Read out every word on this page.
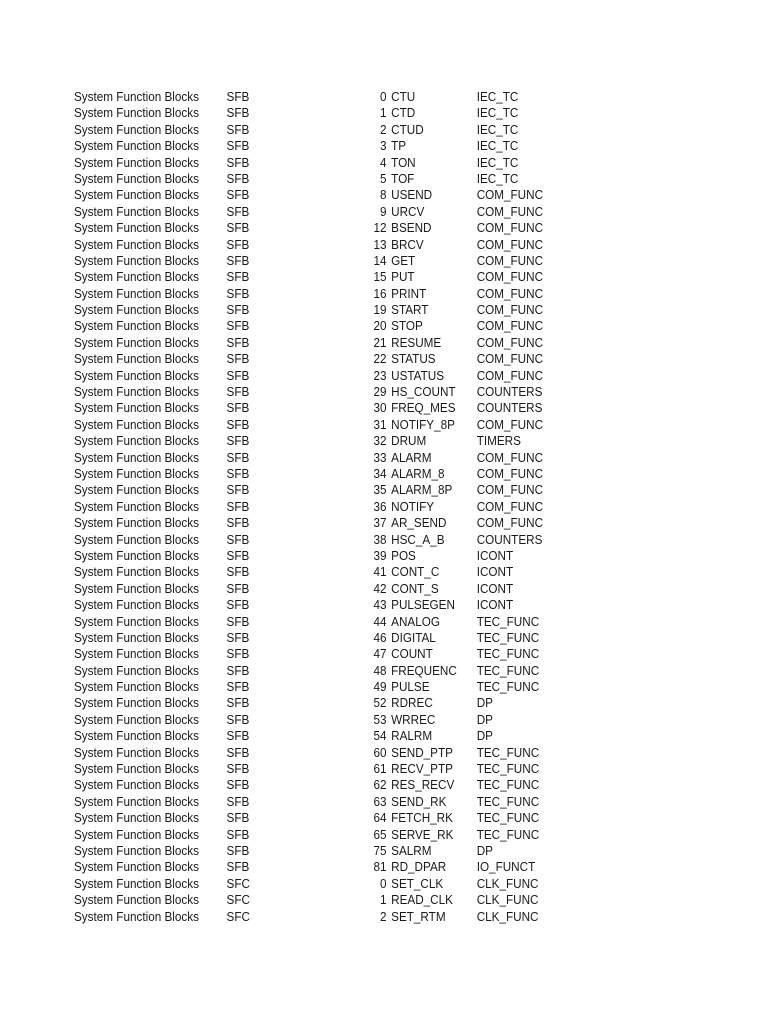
System Function Blocks	SFB	0 CTU	IEC_TC
System Function Blocks	SFB	1 CTD	IEC_TC
System Function Blocks	SFB	2 CTUD	IEC_TC
System Function Blocks	SFB	3 TP	IEC_TC
System Function Blocks	SFB	4 TON	IEC_TC
System Function Blocks	SFB	5 TOF	IEC_TC
System Function Blocks	SFB	8 USEND	COM_FUNC
System Function Blocks	SFB	9 URCV	COM_FUNC
System Function Blocks	SFB	12 BSEND	COM_FUNC
System Function Blocks	SFB	13 BRCV	COM_FUNC
System Function Blocks	SFB	14 GET	COM_FUNC
System Function Blocks	SFB	15 PUT	COM_FUNC
System Function Blocks	SFB	16 PRINT	COM_FUNC
System Function Blocks	SFB	19 START	COM_FUNC
System Function Blocks	SFB	20 STOP	COM_FUNC
System Function Blocks	SFB	21 RESUME	COM_FUNC
System Function Blocks	SFB	22 STATUS	COM_FUNC
System Function Blocks	SFB	23 USTATUS	COM_FUNC
System Function Blocks	SFB	29 HS_COUNT	COUNTERS
System Function Blocks	SFB	30 FREQ_MES	COUNTERS
System Function Blocks	SFB	31 NOTIFY_8P	COM_FUNC
System Function Blocks	SFB	32 DRUM	TIMERS
System Function Blocks	SFB	33 ALARM	COM_FUNC
System Function Blocks	SFB	34 ALARM_8	COM_FUNC
System Function Blocks	SFB	35 ALARM_8P	COM_FUNC
System Function Blocks	SFB	36 NOTIFY	COM_FUNC
System Function Blocks	SFB	37 AR_SEND	COM_FUNC
System Function Blocks	SFB	38 HSC_A_B	COUNTERS
System Function Blocks	SFB	39 POS	ICONT
System Function Blocks	SFB	41 CONT_C	ICONT
System Function Blocks	SFB	42 CONT_S	ICONT
System Function Blocks	SFB	43 PULSEGEN	ICONT
System Function Blocks	SFB	44 ANALOG	TEC_FUNC
System Function Blocks	SFB	46 DIGITAL	TEC_FUNC
System Function Blocks	SFB	47 COUNT	TEC_FUNC
System Function Blocks	SFB	48 FREQUENC	TEC_FUNC
System Function Blocks	SFB	49 PULSE	TEC_FUNC
System Function Blocks	SFB	52 RDREC	DP
System Function Blocks	SFB	53 WRREC	DP
System Function Blocks	SFB	54 RALRM	DP
System Function Blocks	SFB	60 SEND_PTP	TEC_FUNC
System Function Blocks	SFB	61 RECV_PTP	TEC_FUNC
System Function Blocks	SFB	62 RES_RECV	TEC_FUNC
System Function Blocks	SFB	63 SEND_RK	TEC_FUNC
System Function Blocks	SFB	64 FETCH_RK	TEC_FUNC
System Function Blocks	SFB	65 SERVE_RK	TEC_FUNC
System Function Blocks	SFB	75 SALRM	DP
System Function Blocks	SFB	81 RD_DPAR	IO_FUNCT
System Function Blocks	SFC	0 SET_CLK	CLK_FUNC
System Function Blocks	SFC	1 READ_CLK	CLK_FUNC
System Function Blocks	SFC	2 SET_RTM	CLK_FUNC
